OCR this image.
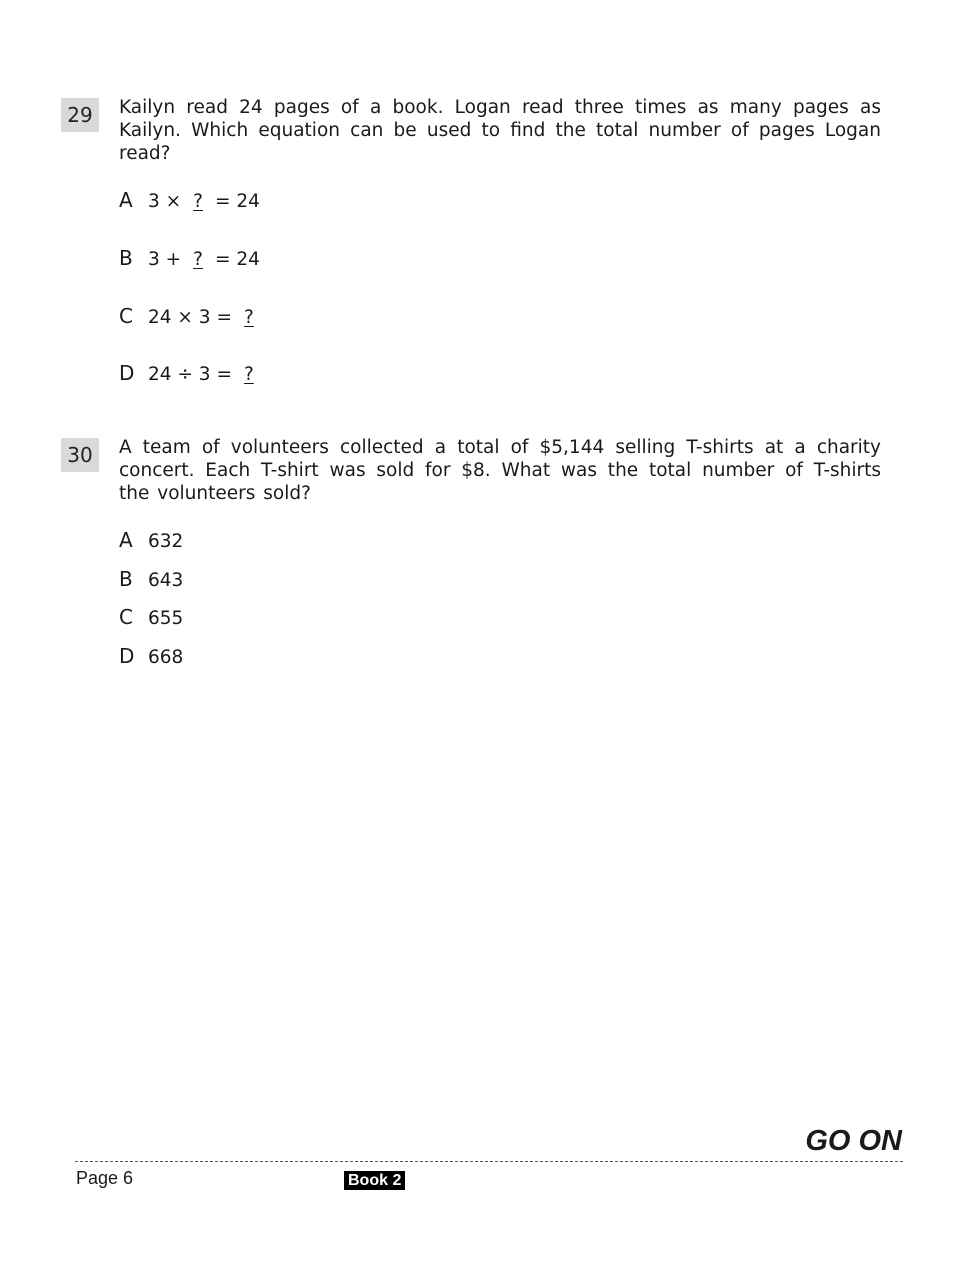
29	Kailyn read 24 pages of a book. Logan read three times as many pages as Kailyn. Which equation can be used to find the total number of pages Logan read?
A 3 × ? = 24
B 3 + ? = 24
C 24 × 3 = ?
D 24 ÷ 3 = ?
30	A team of volunteers collected a total of $5,144 selling T-shirts at a charity concert. Each T-shirt was sold for $8. What was the total number of T-shirts the volunteers sold?
A 632
B 643
C 655
D 668
GO ON
Page 6	Book 2
